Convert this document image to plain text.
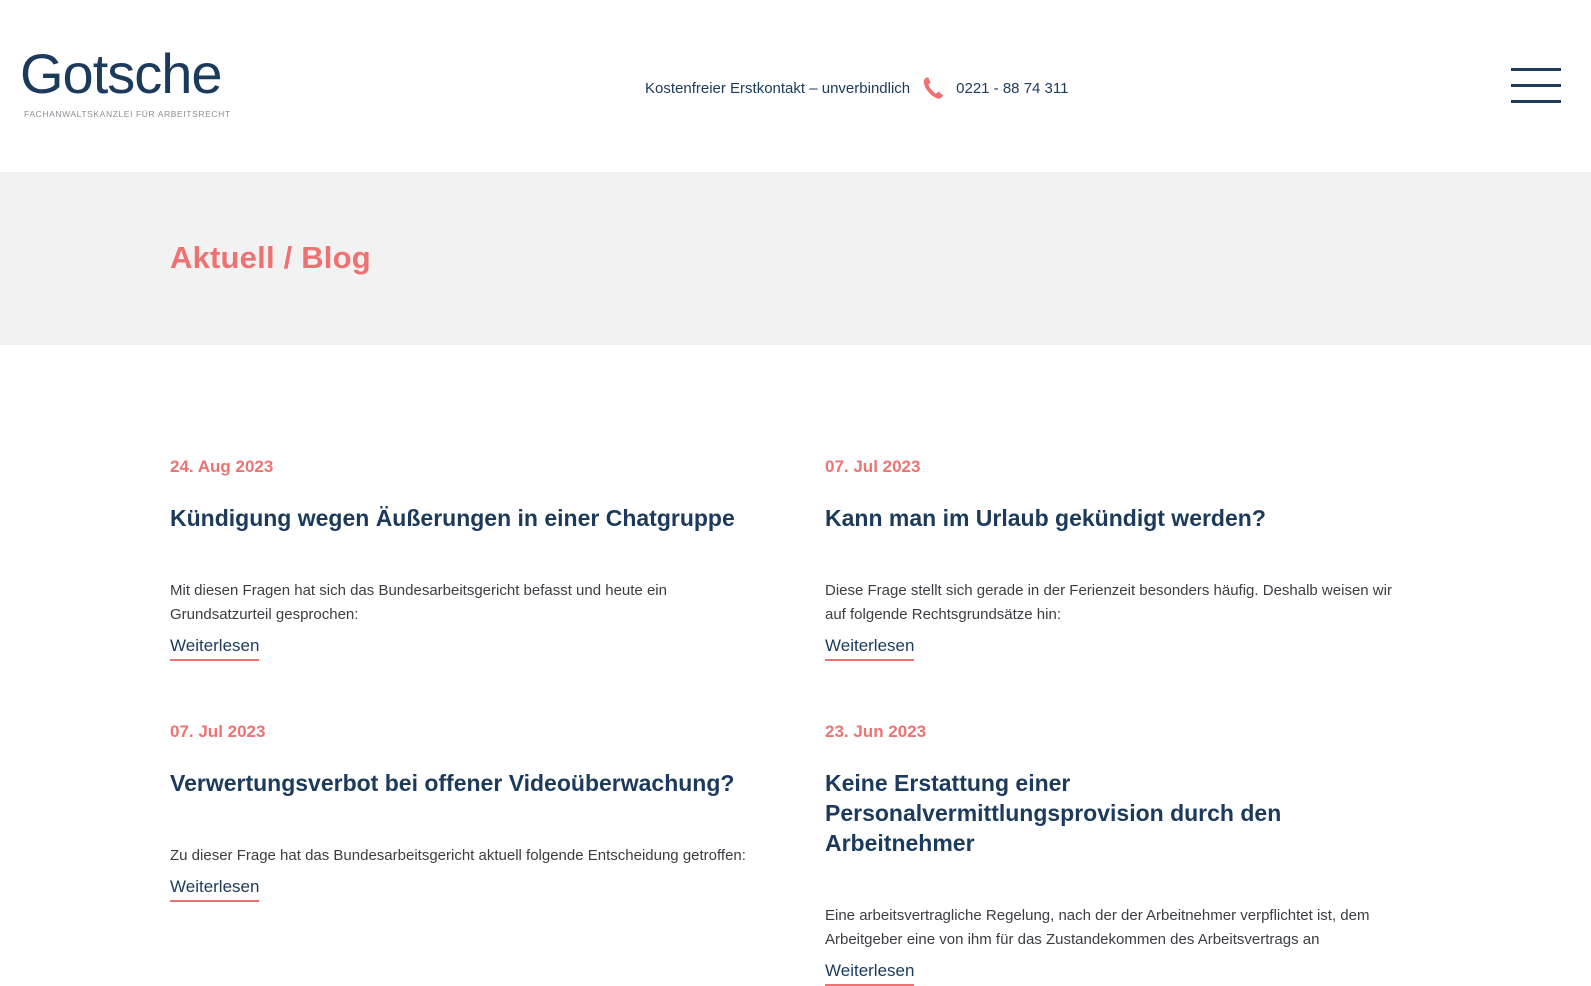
Gotsche
FACHANWALTSKANZLEI FÜR ARBEITSRECHT
Kostenfreier Erstkontakt – unverbindlich	0221 - 88 74 311
Aktuell / Blog
24. Aug 2023
Kündigung wegen Äußerungen in einer Chatgruppe
Mit diesen Fragen hat sich das Bundesarbeitsgericht befasst und heute ein Grundsatzurteil gesprochen:
Weiterlesen
07. Jul 2023
Kann man im Urlaub gekündigt werden?
Diese Frage stellt sich gerade in der Ferienzeit besonders häufig. Deshalb weisen wir auf folgende Rechtsgrundsätze hin:
Weiterlesen
07. Jul 2023
Verwertungsverbot bei offener Videoüberwachung?
Zu dieser Frage hat das Bundesarbeitsgericht aktuell folgende Entscheidung getroffen:
Weiterlesen
23. Jun 2023
Keine Erstattung einer Personalvermittlungsprovision durch den Arbeitnehmer
Eine arbeitsvertragliche Regelung, nach der der Arbeitnehmer verpflichtet ist, dem Arbeitgeber eine von ihm für das Zustandekommen des Arbeitsvertrags an
Weiterlesen
